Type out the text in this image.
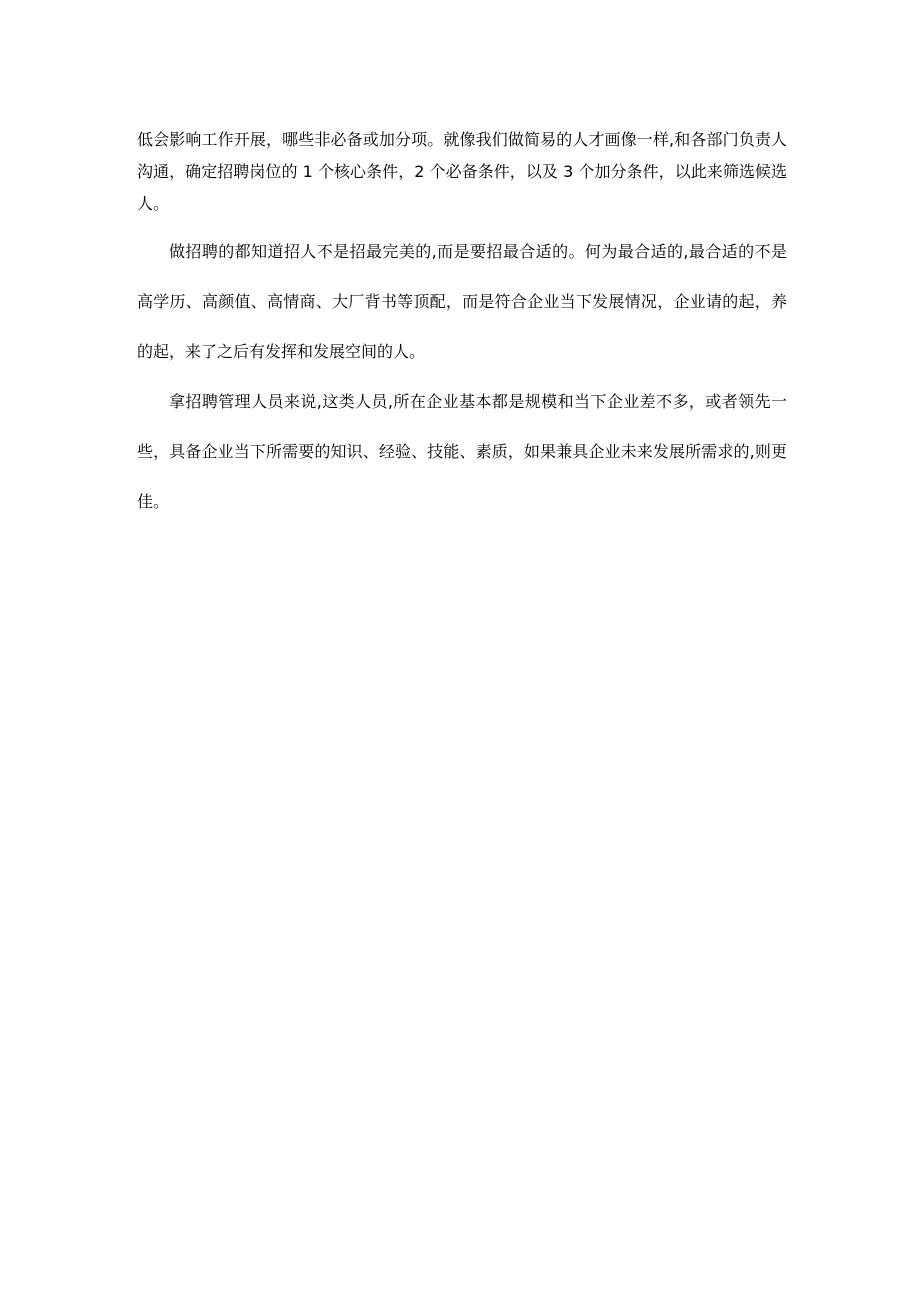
低会影响工作开展，哪些非必备或加分项。就像我们做简易的人才画像一样,和各部门负责人沟通，确定招聘岗位的 1 个核心条件，2 个必备条件，以及 3 个加分条件，以此来筛选候选人。

做招聘的都知道招人不是招最完美的,而是要招最合适的。何为最合适的,最合适的不是高学历、高颜值、高情商、大厂背书等顶配，而是符合企业当下发展情况，企业请的起，养的起，来了之后有发挥和发展空间的人。

拿招聘管理人员来说,这类人员,所在企业基本都是规模和当下企业差不多，或者领先一些，具备企业当下所需要的知识、经验、技能、素质，如果兼具企业未来发展所需求的,则更佳。
